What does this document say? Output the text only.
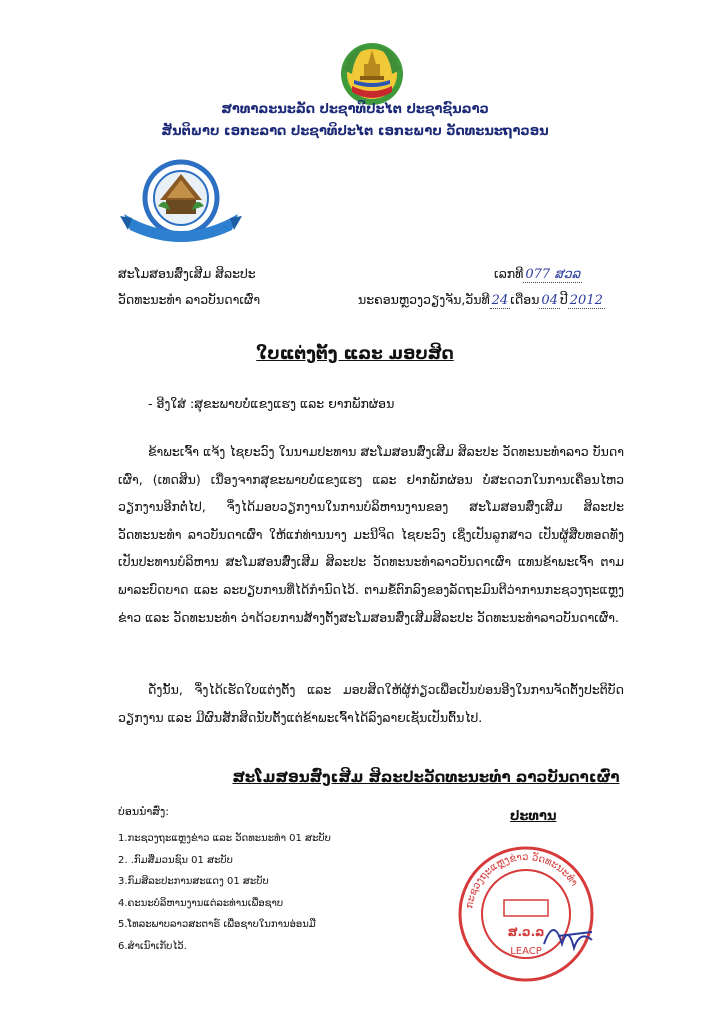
ສາທາລະນະລັດ ປະຊາທິປະໄຕ ປະຊາຊົນລາວ
ສັນຕິພາບ ເອກະລາດ ປະຊາທິປະໄຕ ເອກະພາບ ວັດທະນະຖາວອນ
ສະໂມສອນສົ່ງເສີມ ສິລະປະ
ວັດທະນະທຳ ລາວບັນດາເຜົ່າ
ເລກທີ 077 ສວລ
ນະຄອນຫຼວງວຽງຈັນ,ວັນທີ 24 ເດືອນ 04 ປີ 2012
ໃບແຕ່ງຕັ້ງ ແລະ ມອບສິດ
- ອີງໃສ່ :ສຸຂະພາບບໍ່ແຂງແຮງ ແລະ ຍາກພັກຜ່ອນ

ຂ້າພະເຈົ້າ ແຈ້ງ ໄຊຍະວົງ ໃນນາມປະທານ ສະໂມສອນສົ່ງເສີມ ສິລະປະ ວັດທະນະທຳລາວ ບັນດາເຜົ່າ, (ເທດສິນ) ເນື່ອງຈາກສຸຂະພາບບໍ່ແຂງແຮງ ແລະ ຢາກພັກຜ່ອນ ບໍ່ສະດວກໃນການເຄື່ອນໄຫວວຽກງານອີກຕໍ່ໄປ, ຈຶ່ງໄດ້ມອບວຽກງານໃນການບໍລິຫານງານຂອງ ສະໂມສອນສົ່ງເສີມ ສິລະປະ ວັດທະນະທຳ ລາວບັນດາເຜົ່າ ໃຫ້ແກ່ທ່ານນາງ ມະນີຈິດ ໄຊຍະວົງ ເຊິ່ງເປັນລູກສາວ ເປັນຜູ້ສືບທອດທັງເປັນປະທານບໍລິຫານ ສະໂມສອນສົ່ງເສີມ ສິລະປະ ວັດທະນະທຳລາວບັນດາເຜົ່າ ແທນຂ້າພະເຈົ້າ ຕາມພາລະບົດບາດ ແລະ ລະບຽບການທີ່ໄດ້ກຳນົດໄວ້. ຕາມຂໍ້ຕົກລົງຂອງລັດຖະມົນຕີວ່າການກະຊວງຖະແຫຼງຂ່າວ ແລະ ວັດທະນະທຳ ວ່າດ້ວຍການສ້າງຕັ້ງສະໂມສອນສົ່ງເສີມສິລະປະ ວັດທະນະທຳລາວບັນດາເຜົ່າ.

ດັ່ງນັ້ນ, ຈຶ່ງໄດ້ເຮັດໃບແຕ່ງຕັ້ງ ແລະ ມອບສິດໃຫ້ຜູ້ກ່ຽວເພື່ອເປັນບ່ອນອີງໃນການຈັດຕັ້ງປະຕິບັດວຽກງານ ແລະ ມີຜົນສັກສິດນັບຕັ້ງແຕ່ຂ້າພະເຈົ້າໄດ້ລົງລາຍເຊັນເປັນຕົ້ນໄປ.

ສະໂມສອນສົ່ງເສີມ ສິລະປະວັດທະນະທຳ ລາວບັນດາເຜົ່າ
ປະທານ
ບ່ອນນຳສົ່ງ:
1.ກະຊວງຖະແຫຼງຂ່າວ ແລະ ວັດທະນະທຳ 01 ສະບັບ
2. .ກົມສື່ມວນຊົນ 01 ສະບັບ
3.ກົມສິລະປະການສະແດງ 01 ສະບັບ
4.ຄະນະບໍລິຫານງານແຕ່ລະທ່ານເພື່ອຊາບ
5.ໂທລະພາບລາວສະຕາຣ໌ ເພື່ອຊາບໃນການອ່ອນມື
6.ສຳເນົາເກັບໄວ້.
ກະຊວງຖະແຫຼງຂ່າວ ວັດທະນະທຳ
ສ.ວ.ລ
LEACP
